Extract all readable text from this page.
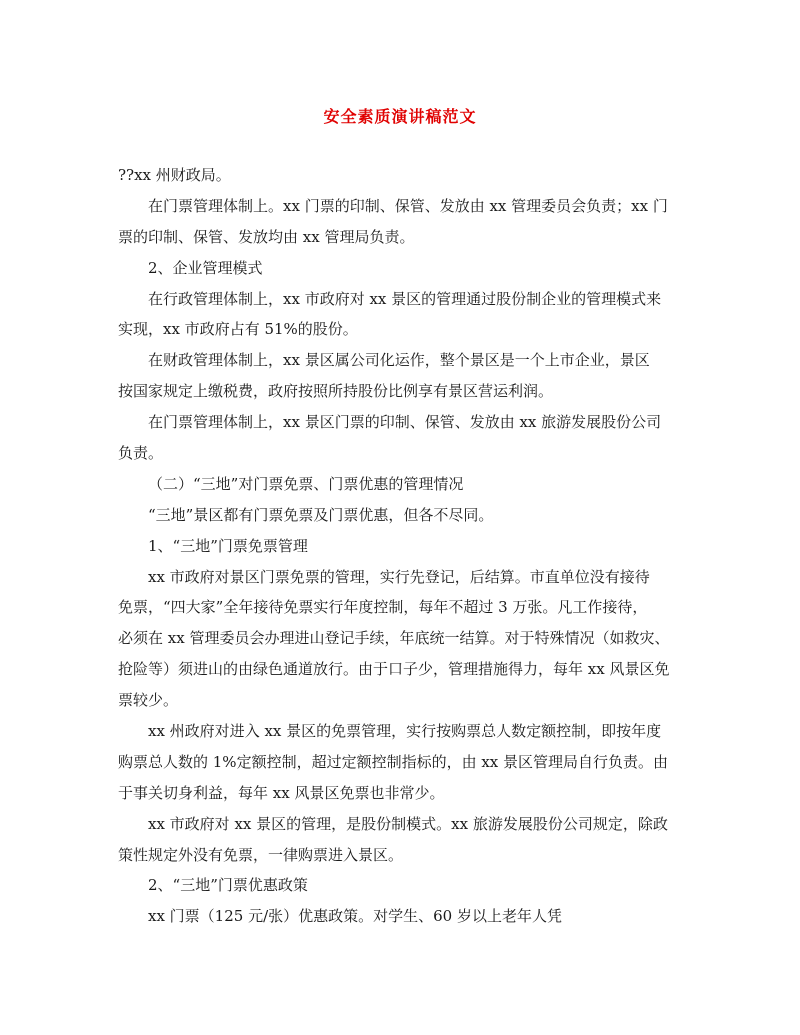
安全素质演讲稿范文
??xx 州财政局。
在门票管理体制上。xx 门票的印制、保管、发放由 xx 管理委员会负责；xx 门
票的印制、保管、发放均由 xx 管理局负责。
2、企业管理模式
在行政管理体制上，xx 市政府对 xx 景区的管理通过股份制企业的管理模式来
实现，xx 市政府占有 51%的股份。
在财政管理体制上，xx 景区属公司化运作，整个景区是一个上市企业，景区
按国家规定上缴税费，政府按照所持股份比例享有景区营运利润。
在门票管理体制上，xx 景区门票的印制、保管、发放由 xx 旅游发展股份公司
负责。
（二）“三地”对门票免票、门票优惠的管理情况
“三地”景区都有门票免票及门票优惠，但各不尽同。
1、“三地”门票免票管理
xx 市政府对景区门票免票的管理，实行先登记，后结算。市直单位没有接待
免票，“四大家”全年接待免票实行年度控制，每年不超过 3 万张。凡工作接待，
必须在 xx 管理委员会办理进山登记手续，年底统一结算。对于特殊情况（如救灾、
抢险等）须进山的由绿色通道放行。由于口子少，管理措施得力，每年 xx 风景区免
票较少。
xx 州政府对进入 xx 景区的免票管理，实行按购票总人数定额控制，即按年度
购票总人数的 1%定额控制，超过定额控制指标的，由 xx 景区管理局自行负责。由
于事关切身利益，每年 xx 风景区免票也非常少。
xx 市政府对 xx 景区的管理，是股份制模式。xx 旅游发展股份公司规定，除政
策性规定外没有免票，一律购票进入景区。
2、“三地”门票优惠政策
xx 门票（125 元/张）优惠政策。对学生、60 岁以上老年人凭
